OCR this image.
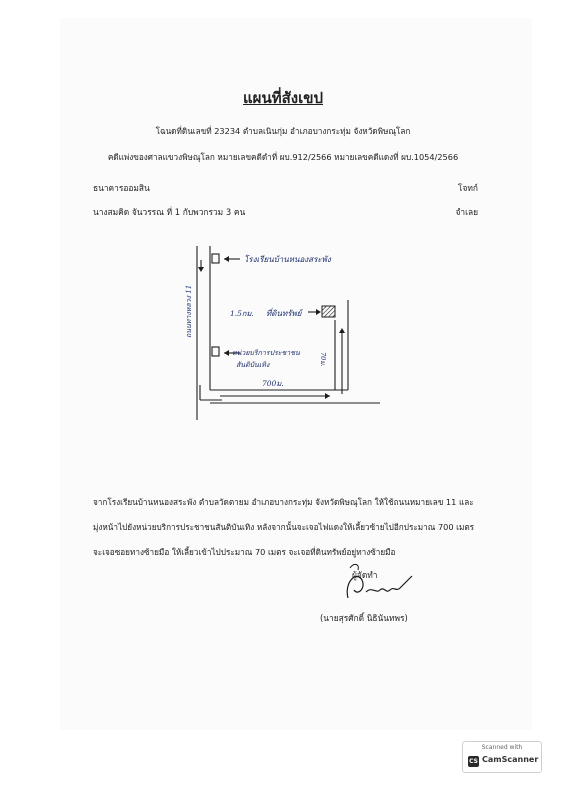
แผนที่สังเขป
โฉนดที่ดินเลขที่ 23234 ตำบลเนินกุ่ม อำเภอบางกระทุ่ม จังหวัดพิษณุโลก
คดีแพ่งของศาลแขวงพิษณุโลก หมายเลขคดีดำที่ ผบ.912/2566 หมายเลขคดีแดงที่ ผบ.1054/2566
ธนาคารออมสิน	โจทก์
นางสมคิด จันวรรณ ที่ 1 กับพวกรวม 3 คน	จำเลย
โรงเรียนบ้านหนองสระพัง
ถนนทางหลวง 11	1.5กม. ที่ดินทรัพย์
หน่วยบริการประชาชน
สันติบันเทิง	70ม.
700ม.
จากโรงเรียนบ้านหนองสระพัง ตำบลวัดตายม อำเภอบางกระทุ่ม จังหวัดพิษณุโลก ให้ใช้ถนนหมายเลข 11 และมุ่งหน้าไปยังหน่วยบริการประชาชนสันติบันเทิง หลังจากนั้นจะเจอไฟแดงให้เลี้ยวซ้ายไปอีกประมาณ 700 เมตร จะเจอซอยทางซ้ายมือ ให้เลี้ยวเข้าไปประมาณ 70 เมตร จะเจอที่ดินทรัพย์อยู่ทางซ้ายมือ
ผู้จัดทำ
(นายสุรศักดิ์ นิธินันทพร)
Scanned with
CS CamScanner
